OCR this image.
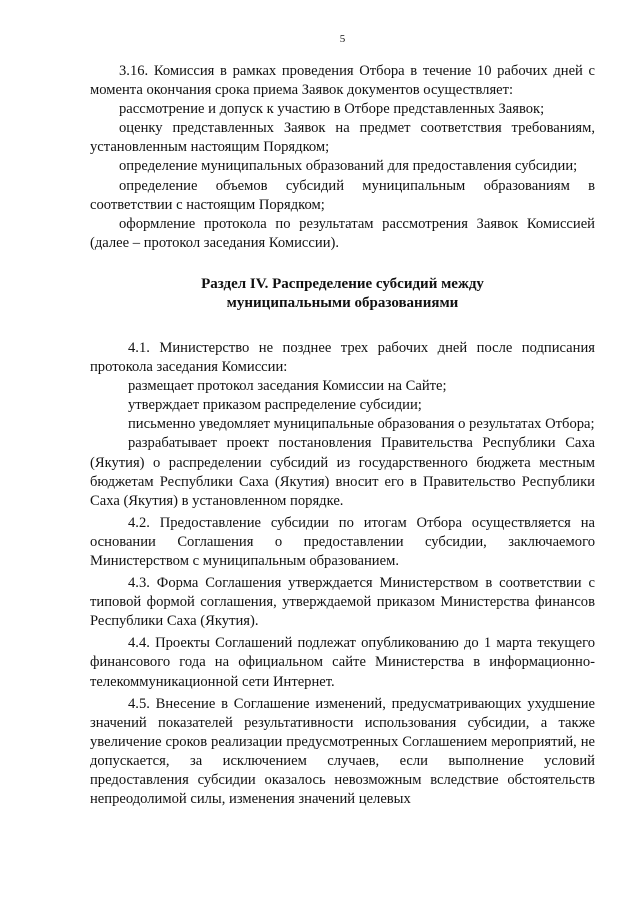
5

3.16. Комиссия в рамках проведения Отбора в течение 10 рабочих дней с момента окончания срока приема Заявок документов осуществляет:

рассмотрение и допуск к участию в Отборе представленных Заявок;

оценку представленных Заявок на предмет соответствия требованиям, установленным настоящим Порядком;

определение муниципальных образований для предоставления субсидии;

определение объемов субсидий муниципальным образованиям в соответствии с настоящим Порядком;

оформление протокола по результатам рассмотрения Заявок Комиссией (далее – протокол заседания Комиссии).

Раздел IV. Распределение субсидий между
муниципальными образованиями

4.1. Министерство не позднее трех рабочих дней после подписания протокола заседания Комиссии:

размещает протокол заседания Комиссии на Сайте;

утверждает приказом распределение субсидии;

письменно уведомляет муниципальные образования о результатах Отбора;

разрабатывает проект постановления Правительства Республики Саха (Якутия) о распределении субсидий из государственного бюджета местным бюджетам Республики Саха (Якутия) вносит его в Правительство Республики Саха (Якутия) в установленном порядке.

4.2. Предоставление субсидии по итогам Отбора осуществляется на основании Соглашения о предоставлении субсидии, заключаемого Министерством с муниципальным образованием.

4.3. Форма Соглашения утверждается Министерством в соответствии с типовой формой соглашения, утверждаемой приказом Министерства финансов Республики Саха (Якутия).

4.4. Проекты Соглашений подлежат опубликованию до 1 марта текущего финансового года на официальном сайте Министерства в информационно-телекоммуникационной сети Интернет.

4.5. Внесение в Соглашение изменений, предусматривающих ухудшение значений показателей результативности использования субсидии, а также увеличение сроков реализации предусмотренных Соглашением мероприятий, не допускается, за исключением случаев, если выполнение условий предоставления субсидии оказалось невозможным вследствие обстоятельств непреодолимой силы, изменения значений целевых
